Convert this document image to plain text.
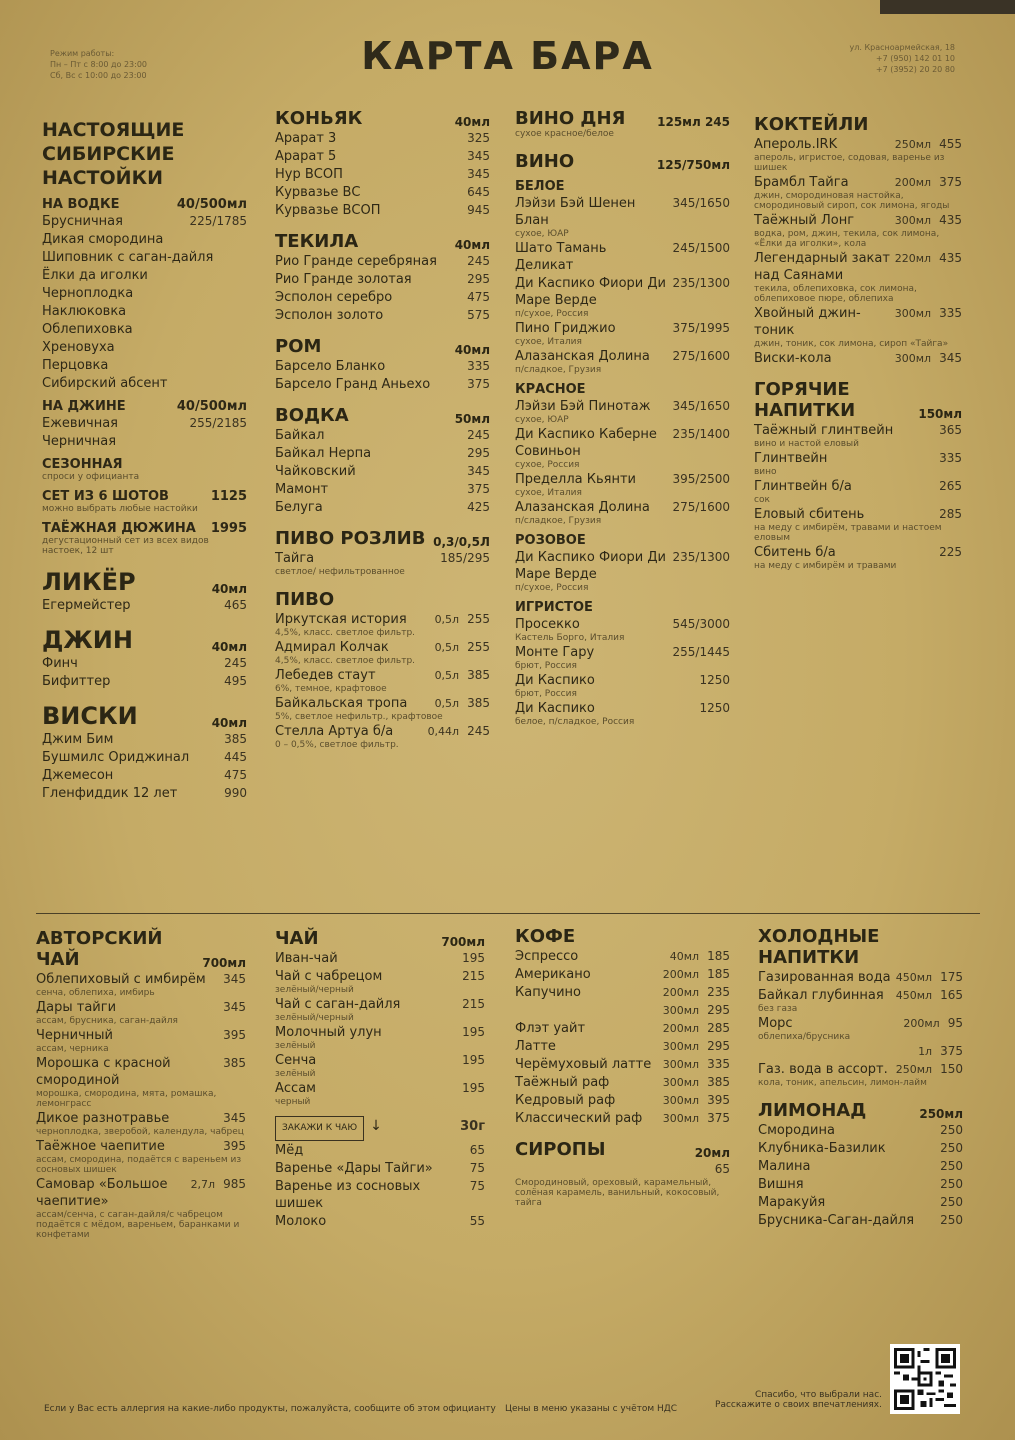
КАРТА БАРА
Режим работы:
Пн – Пт с 8:00 до 23:00
Сб, Вс с 10:00 до 23:00
ул. Красноармейская, 18
+7 (950) 142 01 10
+7 (3952) 20 20 80
НАСТОЯЩИЕ СИБИРСКИЕ НАСТОЙКИ
НА ВОДКЕ	40/500мл
Брусничная	225/1785
Дикая смородина
Шиповник с саган-дайля
Ёлки да иголки
Черноплодка
Наклюковка
Облепиховка
Хреновуха
Перцовка
Сибирский абсент
НА ДЖИНЕ	40/500мл
Ежевичная	255/2185
Черничная
СЕЗОННАЯ
спроси у официанта
СЕТ ИЗ 6 ШОТОВ	1125
можно выбрать любые настойки
ТАЁЖНАЯ ДЮЖИНА 1995
дегустационный сет из всех видов настоек, 12 шт
ЛИКЁР	40мл
Егермейстер	465
ДЖИН	40мл
Финч	245
Бифиттер	495
ВИСКИ	40мл
Джим Бим	385
Бушмилс Ориджинал	445
Джемесон	475
Гленфиддик 12 лет	990
КОНЬЯК	40мл
Арарат 3	325
Арарат 5	345
Нур ВСОП	345
Курвазье ВС	645
Курвазье ВСОП	945
ТЕКИЛА	40мл
Рио Гранде серебряная	245
Рио Гранде золотая	295
Эсполон серебро	475
Эсполон золото	575
РОМ	40мл
Барсело Бланко	335
Барсело Гранд Аньехо	375
ВОДКА	50мл
Байкал	245
Байкал Нерпа	295
Чайковский	345
Мамонт	375
Белуга	425
ПИВО РОЗЛИВ 0,3/0,5Л
Тайга	185/295
светлое/ нефильтрованное
ПИВО
Иркутская история	0,5л 255
4,5%, класс. светлое фильтр.
Адмирал Колчак	0,5л 255
4,5%, класс. светлое фильтр.
Лебедев стаут	0,5л 385
6%, темное, крафтовое
Байкальская тропа	0,5л 385
5%, светлое нефильтр., крафтовое
Стелла Артуа б/а	0,44л 245
0 – 0,5%, светлое фильтр.
ВИНО ДНЯ	125мл 245
сухое красное/белое
ВИНО	125/750мл
БЕЛОЕ
Лэйзи Бэй Шенен Блан
345/1650
сухое, ЮАР
Шато Тамань Деликат
245/1500
Ди Каспико Фиори Ди Маре Верде
235/1300
п/сухое, Россия
Пино Гриджио	375/1995
сухое, Италия
Алазанская Долина	275/1600
п/сладкое, Грузия
КРАСНОЕ
Лэйзи Бэй Пинотаж	345/1650
сухое, ЮАР
Ди Каспико Каберне Совиньон
235/1400
сухое, Россия
Пределла Кьянти	395/2500
сухое, Италия
Алазанская Долина	275/1600
п/сладкое, Грузия
РОЗОВОЕ
Ди Каспико Фиори Ди Маре Верде
235/1300
п/сухое, Россия
ИГРИСТОЕ
Просекко	545/3000
Кастель Борго, Италия
Монте Гару	255/1445
брют, Россия
Ди Каспико	1250
брют, Россия
Ди Каспико	1250
белое, п/сладкое, Россия
КОКТЕЙЛИ
Апероль.IRK	250мл 455
апероль, игристое, содовая, варенье из шишек
Брамбл Тайга	200мл 375
джин, смородиновая настойка, смородиновый сироп, сок лимона, ягоды
Таёжный Лонг	300мл 435
водка, ром, джин, текила, сок лимона, «Ёлки да иголки», кола
Легендарный закат над Саянами
220мл 435
текила, облепиховка, сок лимона, облепиховое пюре, облепиха
Хвойный джин-тоник
300мл 335
джин, тоник, сок лимона, сироп «Тайга»
Виски-кола	300мл 345
ГОРЯЧИЕ НАПИТКИ	150мл
Таёжный глинтвейн	365
вино и настой еловый
Глинтвейн	335
вино
Глинтвейн б/а	265
сок
Еловый сбитень	285
на меду с имбирём, травами и настоем еловым
Сбитень б/а	225
на меду с имбирём и травами
АВТОРСКИЙ ЧАЙ	700мл
Облепиховый с имбирём	345
сенча, облепиха, имбирь
Дары тайги	345
ассам, брусника, саган-дайля
Черничный	395
ассам, черника
Морошка с красной смородиной
385
морошка, смородина, мята, ромашка, лемонграсс
Дикое разнотравье	345
черноплодка, зверобой, календула, чабрец
Таёжное чаепитие	395
ассам, смородина, подаётся с вареньем из сосновых шишек
Самовар «Большое чаепитие»
2,7л 985
ассам/сенча, с саган-дайля/с чабрецом подаётся с мёдом, вареньем, баранками и конфетами
ЧАЙ	700мл
Иван-чай	195
Чай с чабрецом	215
зелёный/черный
Чай с саган-дайля	215
зелёный/черный
Молочный улун	195
зелёный
Сенча	195
зелёный
Ассам	195
черный
ЗАКАЖИ К ЧАЮ ↓	30г
Мёд	65
Варенье «Дары Тайги»	75
Варенье из сосновых шишек
75
Молоко	55
КОФЕ
Эспрессо	40мл 185
Американо	200мл 185
Капучино	200мл 235
300мл 295
Флэт уайт	200мл 285
Латте	300мл 295
Черёмуховый латте	300мл 335
Таёжный раф	300мл 385
Кедровый раф	300мл 395
Классический раф	300мл 375
СИРОПЫ	20мл
65
Смородиновый, ореховый, карамельный, солёная карамель, ванильный, кокосовый, тайга
ХОЛОДНЫЕ НАПИТКИ
Газированная вода 450мл 175
Байкал глубинная	450мл 165
без газа
Морс	200мл 95
облепиха/брусника
1л 375
Газ. вода в ассорт. 250мл 150
кола, тоник, апельсин, лимон-лайм
ЛИМОНАД	250мл
Смородина	250
Клубника-Базилик	250
Малина	250
Вишня	250
Маракуйя	250
Брусника-Саган-дайля	250
Если у Вас есть аллергия на какие-либо продукты, пожалуйста, сообщите об этом официанту Цены в меню указаны с учётом НДС
Спасибо, что выбрали нас.
Расскажите о своих впечатлениях.
